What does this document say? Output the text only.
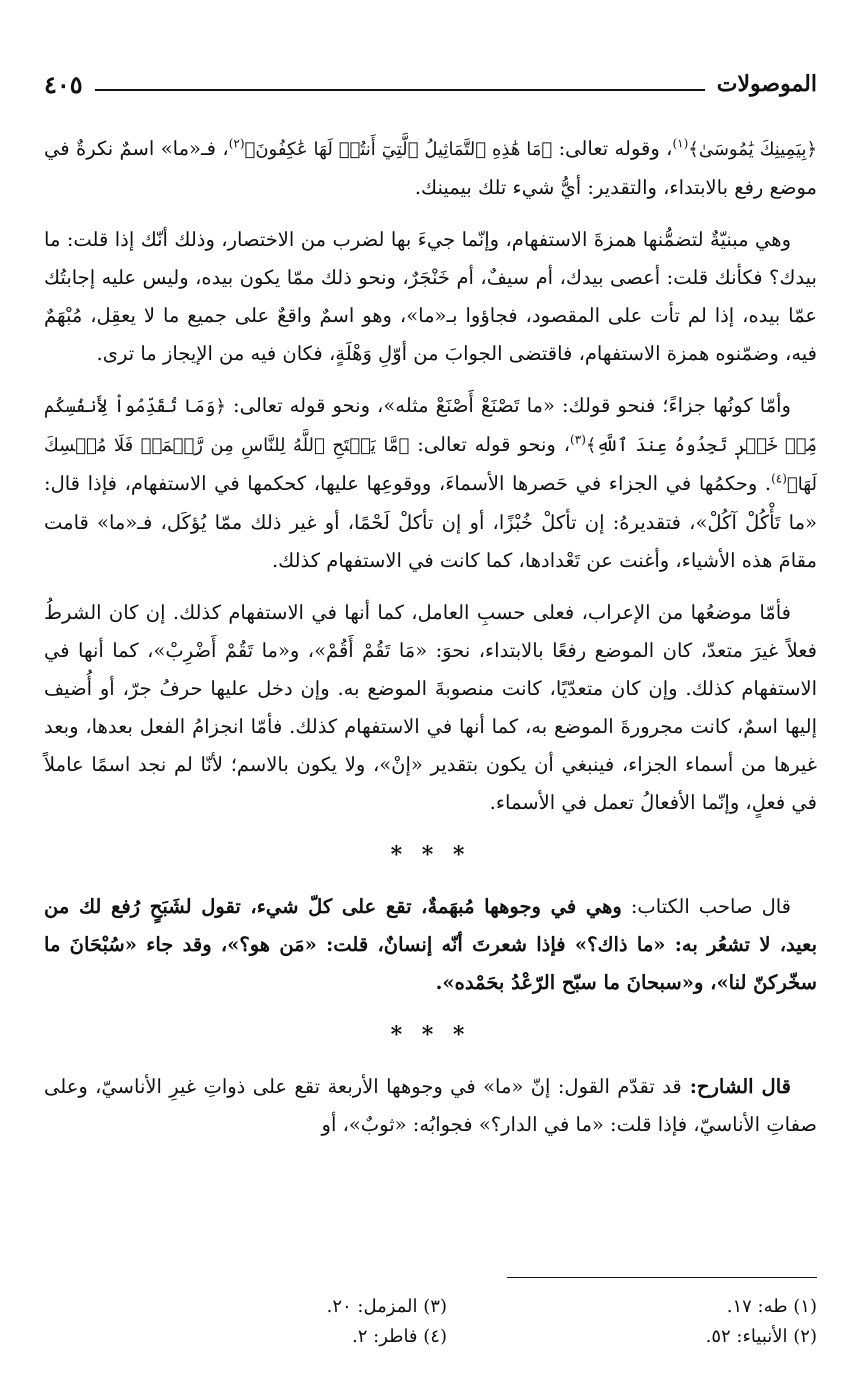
الموصولات
٤٠٥

﴿بِيَمِينِكَ يَٰمُوسَىٰ﴾$^{(١)}$، وقوله تعالى: ﴿مَا هَٰذِهِ ٱلتَّمَاثِيلُ ٱلَّتِيٓ أَنتُمۡ لَهَا عَٰكِفُونَ﴾$^{(٢)}$، فـ«ما» اسمٌ نكرةٌ في موضع رفع بالابتداء، والتقدير: أيُّ شيء تلك بيمينك.

وهي مبنيّةٌ لتضمُّنها همزةَ الاستفهام، وإنّما جيءَ بها لضرب من الاختصار، وذلك أنّك إذا قلت: ما بيدك؟ فكأنك قلت: أعصى بيدك، أم سيفٌ، أم خَنْجَرٌ، ونحو ذلك ممّا يكون بيده، وليس عليه إجابتُك عمّا بيده، إذا لم تأت على المقصود، فجاؤوا بـ«ما»، وهو اسمٌ واقعٌ على جميع ما لا يعقِل، مُبْهَمٌ فيه، وضمّنوه همزة الاستفهام، فاقتضى الجوابَ من أوّلِ وَهْلَةٍ، فكان فيه من الإيجاز ما ترى.

وأمّا كونُها جزاءً؛ فنحو قولك: «ما تَصْنَعْ أَصْنَعْ مثله»، ونحو قوله تعالى: ﴿وَمَا تُقَدِّمُواْ لِأَنفُسِكُم مِّنۡ خَيۡرٖ تَجِدُوهُ عِندَ ٱللَّهِ﴾$^{(٣)}$، ونحو قوله تعالى: ﴿مَّا يَفۡتَحِ ٱللَّهُ لِلنَّاسِ مِن رَّحۡمَةٖ فَلَا مُمۡسِكَ لَهَا﴾$^{(٤)}$. وحكمُها في الجزاء في حَصرها الأسماءَ، ووقوعِها عليها، كحكمها في الاستفهام، فإذا قال: «ما تَأْكُلْ آكُلْ»، فتقديرهُ: إن تأكلْ خُبْزًا، أو إن تأكلْ لَحْمًا، أو غير ذلك ممّا يُؤكَل، فـ«ما» قامت مقامَ هذه الأشياء، وأغنت عن تَعْدادها، كما كانت في الاستفهام كذلك.

فأمّا موضعُها من الإعراب، فعلى حسبِ العامل، كما أنها في الاستفهام كذلك. إن كان الشرطُ فعلاً غيرَ متعدّ، كان الموضع رفعًا بالابتداء، نحوَ: «مَا تَقُمْ أَقُمْ»، و«ما تَقُمْ أَضْرِبْ»، كما أنها في الاستفهام كذلك. وإن كان متعدّيًا، كانت منصوبةَ الموضع به. وإن دخل عليها حرفُ جرّ، أو أُضيف إليها اسمٌ، كانت مجرورةَ الموضع به، كما أنها في الاستفهام كذلك. فأمّا انجزامُ الفعل بعدها، وبعد غيرها من أسماء الجزاء، فينبغي أن يكون بتقدير «إنْ»، ولا يكون بالاسم؛ لأنّا لم نجد اسمًا عاملاً في فعلٍ، وإنّما الأفعالُ تعمل في الأسماء.

* * *

قال صاحب الكتاب: وهي في وجوهها مُبهَمةٌ، تقع على كلّ شيء، تقول لشَبَحٍ رُفع لك من بعيد، لا تشعُر به: «ما ذاك؟» فإذا شعرتَ أنّه إنسانٌ، قلت: «مَن هو؟»، وقد جاء «سُبْحَانَ ما سخّركنّ لنا»، و«سبحانَ ما سبّح الرّعْدُ بحَمْده».

* * *

قال الشارح: قد تقدّم القول: إنّ «ما» في وجوهها الأربعة تقع على ذواتِ غيرِ الأناسيّ، وعلى صفاتِ الأناسيّ، فإذا قلت: «ما في الدار؟» فجوابُه: «ثوبٌ»، أو

(١) طه: ١٧.
(٢) الأنبياء: ٥٢.
(٣) المزمل: ٢٠.
(٤) فاطر: ٢.
